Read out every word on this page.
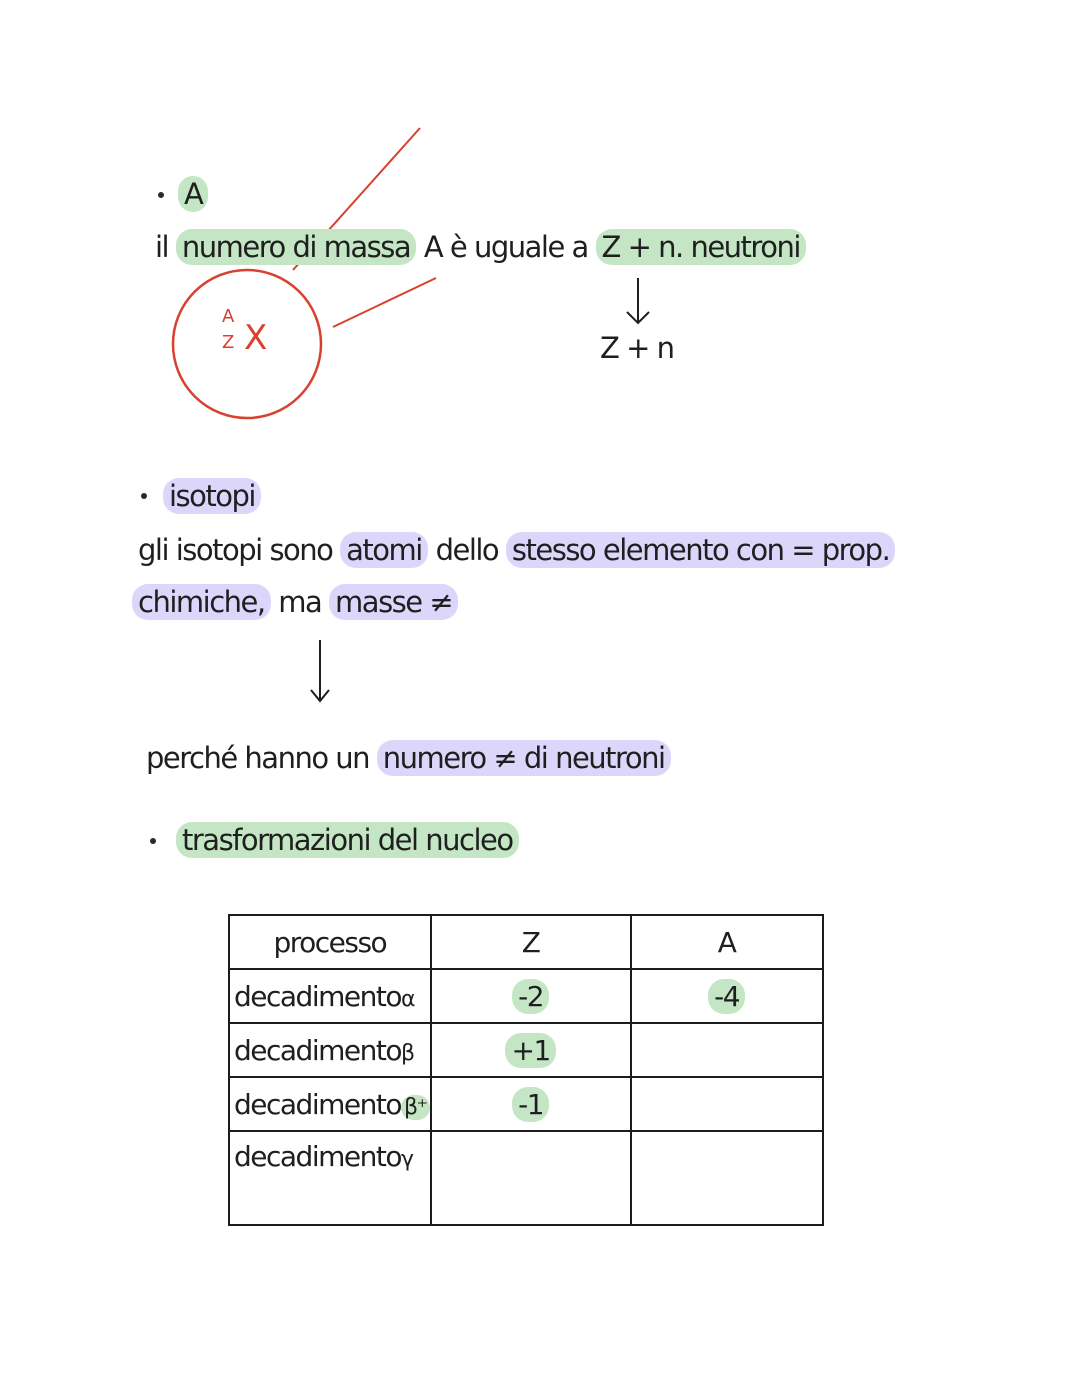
A
il numero di massa A è uguale a Z + n. neutroni
Z + n
A
Z X
isotopi
gli isotopi sono atomi dello stesso elemento con = prop.
chimiche, ma masse ≠
perché hanno un numero ≠ di neutroni
trasformazioni del nucleo
processo	Z	A
decadimentoα	-2	-4
decadimentoβ	+1	
decadimento β⁺	-1	
decadimentoγ		
